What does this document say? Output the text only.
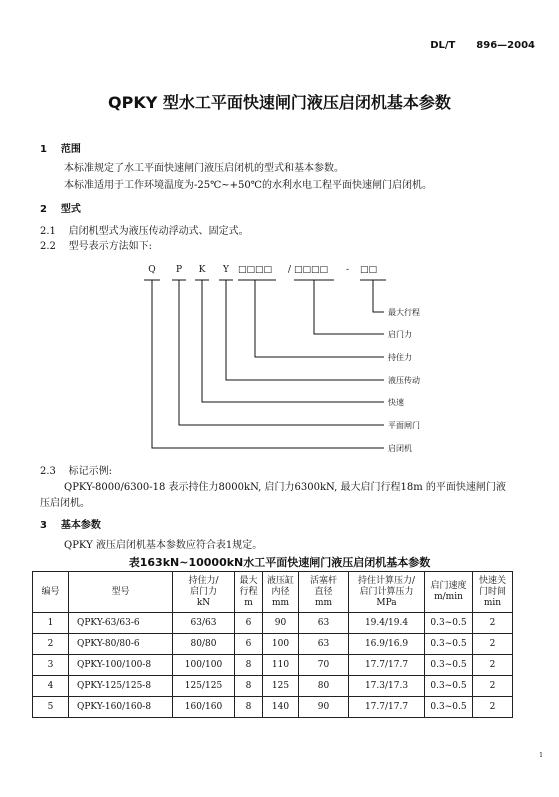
DL/T 896—2004
QPKY 型水工平面快速闸门液压启闭机基本参数
1 范围
本标准规定了水工平面快速闸门液压启闭机的型式和基本参数。
本标准适用于工作环境温度为-25℃~+50℃的水利水电工程平面快速闸门启闭机。
2 型式
2.1 启闭机型式为液压传动浮动式、固定式。
2.2 型号表示方法如下:
Q P K Y □□□□ / □□□□ - □□
最大行程
启门力
持住力
液压传动
快速
平面闸门
启闭机
2.3 标记示例:
QPKY-8000/6300-18 表示持住力8000kN, 启门力6300kN, 最大启门行程18m 的平面快速闸门液
压启闭机。
3 基本参数
QPKY 液压启闭机基本参数应符合表1规定。
表163kN~10000kN水工平面快速闸门液压启闭机基本参数
编号	型号	持住力/
启门力
kN	最大
行程
m	液压缸
内径
mm	活塞杆
直径
mm	持住计算压力/
启门计算压力
MPa	启门速度
m/min	快速关
门时间
min
1	QPKY-63/63-6	63/63	6	90	63	19.4/19.4	0.3~0.5	2
2	QPKY-80/80-6	80/80	6	100	63	16.9/16.9	0.3~0.5	2
3	QPKY-100/100-8	100/100	8	110	70	17.7/17.7	0.3~0.5	2
4	QPKY-125/125-8	125/125	8	125	80	17.3/17.3	0.3~0.5	2
5	QPKY-160/160-8	160/160	8	140	90	17.7/17.7	0.3~0.5	2
1
